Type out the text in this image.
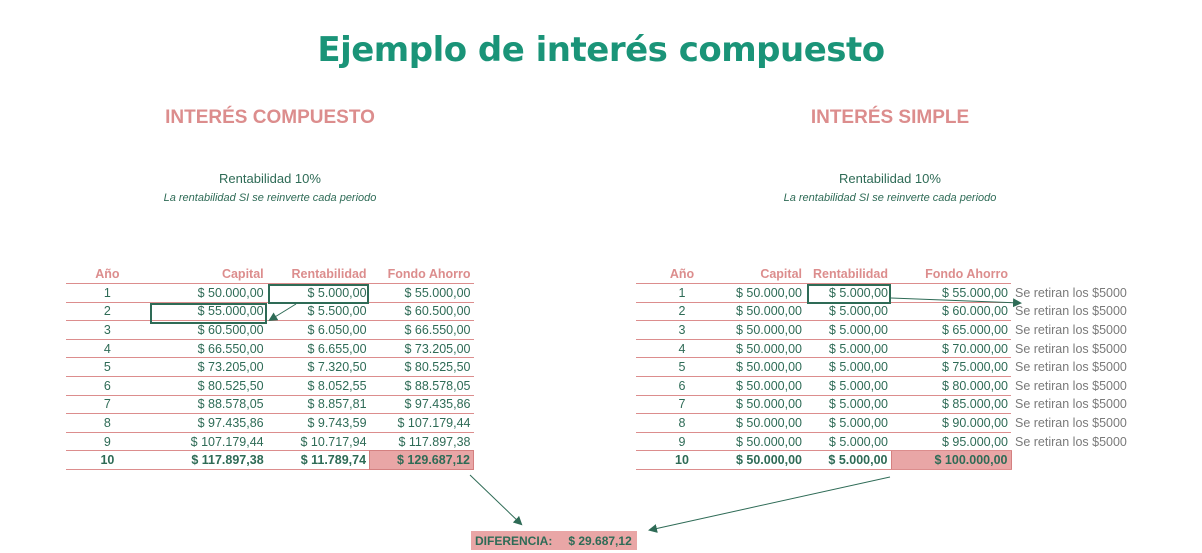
Ejemplo de interés compuesto
INTERÉS COMPUESTO	INTERÉS SIMPLE
Rentabilidad 10%
La rentabilidad SI se reinverte cada periodo
Rentabilidad 10%
La rentabilidad SI se reinverte cada periodo
Año	Capital	Rentabilidad	Fondo Ahorro
1	$ 50.000,00	$ 5.000,00	$ 55.000,00
2	$ 55.000,00	$ 5.500,00	$ 60.500,00
3	$ 60.500,00	$ 6.050,00	$ 66.550,00
4	$ 66.550,00	$ 6.655,00	$ 73.205,00
5	$ 73.205,00	$ 7.320,50	$ 80.525,50
6	$ 80.525,50	$ 8.052,55	$ 88.578,05
7	$ 88.578,05	$ 8.857,81	$ 97.435,86
8	$ 97.435,86	$ 9.743,59	$ 107.179,44
9	$ 107.179,44	$ 10.717,94	$ 117.897,38
10	$ 117.897,38	$ 11.789,74	$ 129.687,12
Año	Capital	Rentabilidad	Fondo Ahorro	
1	$ 50.000,00	$ 5.000,00	$ 55.000,00	Se retiran los $5000
2	$ 50.000,00	$ 5.000,00	$ 60.000,00	Se retiran los $5000
3	$ 50.000,00	$ 5.000,00	$ 65.000,00	Se retiran los $5000
4	$ 50.000,00	$ 5.000,00	$ 70.000,00	Se retiran los $5000
5	$ 50.000,00	$ 5.000,00	$ 75.000,00	Se retiran los $5000
6	$ 50.000,00	$ 5.000,00	$ 80.000,00	Se retiran los $5000
7	$ 50.000,00	$ 5.000,00	$ 85.000,00	Se retiran los $5000
8	$ 50.000,00	$ 5.000,00	$ 90.000,00	Se retiran los $5000
9	$ 50.000,00	$ 5.000,00	$ 95.000,00	Se retiran los $5000
10	$ 50.000,00	$ 5.000,00	$ 100.000,00	
DIFERENCIA:	$ 29.687,12
